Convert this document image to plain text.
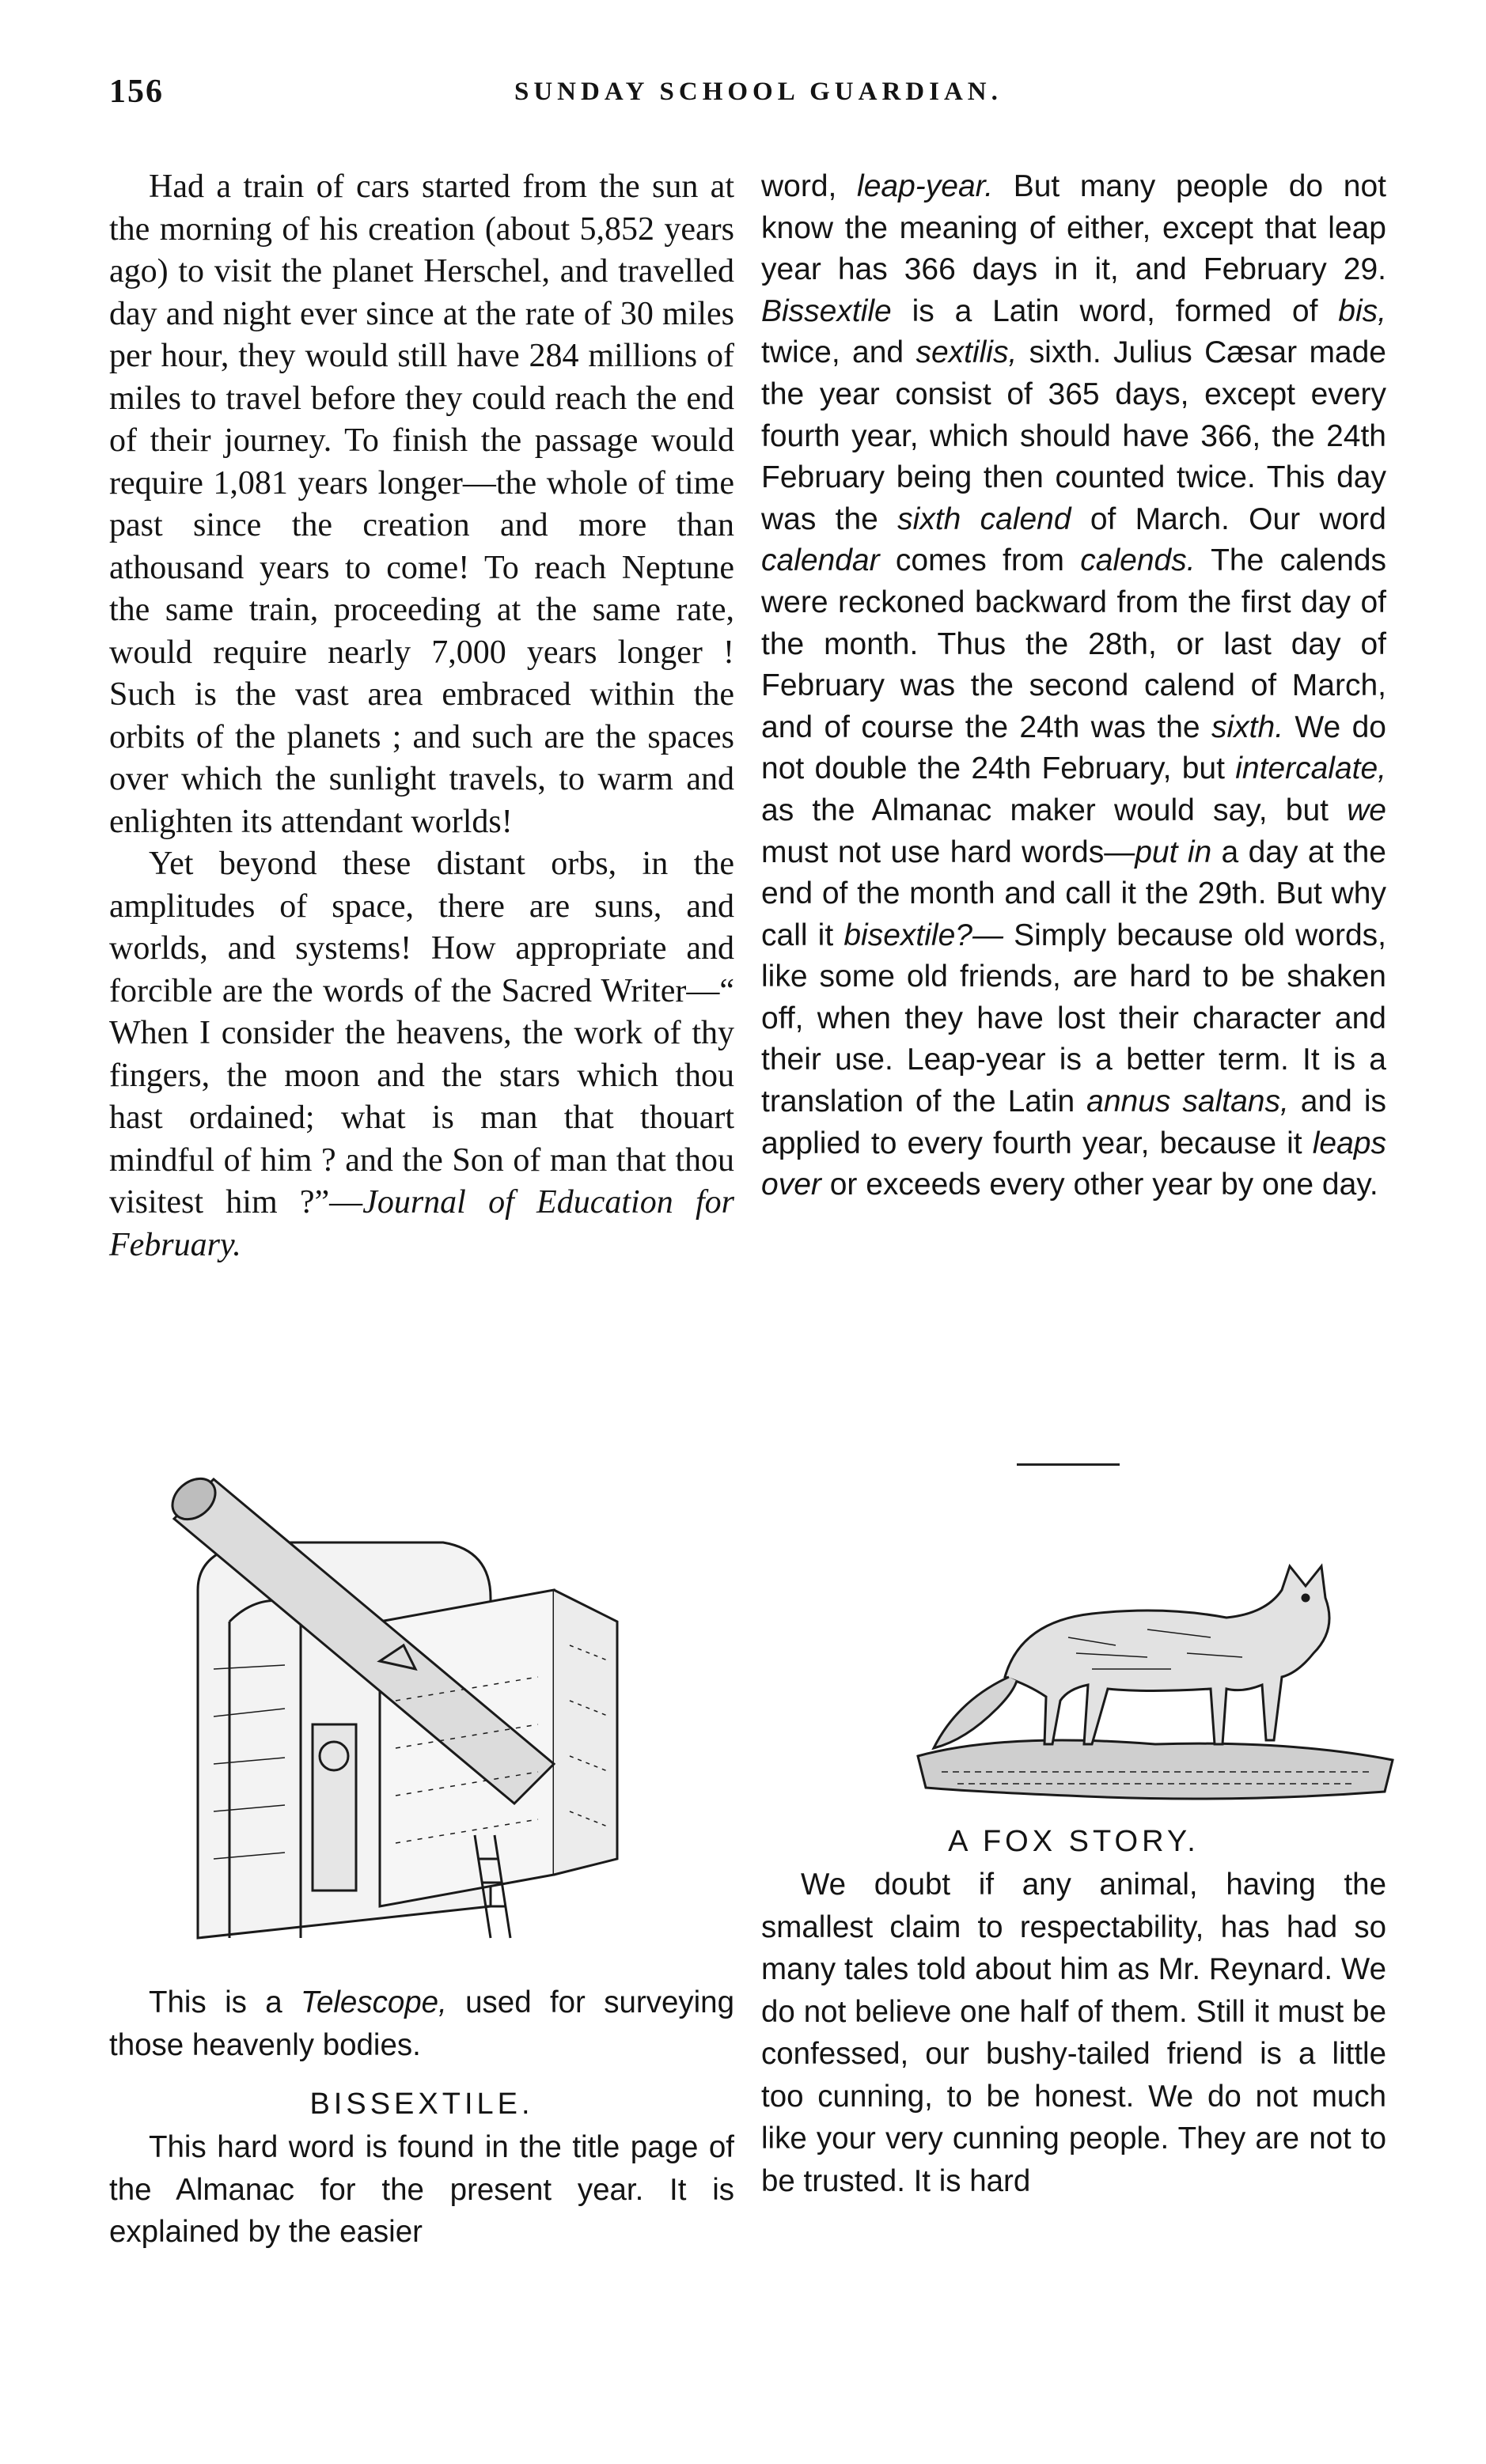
156	SUNDAY SCHOOL GUARDIAN.

Had a train of cars started from the sun at the morning of his creation (about 5,852 years ago) to visit the planet Herschel, and travelled day and night ever since at the rate of 30 miles per hour, they would still have 284 millions of miles to travel before they could reach the end of their journey. To finish the passage would require 1,081 years longer—the whole of time past since the creation and more than athousand years to come! To reach Neptune the same train, proceeding at the same rate, would require nearly 7,000 years longer ! Such is the vast area embraced within the orbits of the planets ; and such are the spaces over which the sunlight travels, to warm and enlighten its attendant worlds!

Yet beyond these distant orbs, in the amplitudes of space, there are suns, and worlds, and systems! How appropriate and forcible are the words of the Sacred Writer—“ When I consider the heavens, the work of thy fingers, the moon and the stars which thou hast ordained; what is man that thouart mindful of him ? and the Son of man that thou visitest him ?”—Journal of Education for February.

word, leap-year. But many people do not know the meaning of either, except that leap year has 366 days in it, and February 29. Bissextile is a Latin word, formed of bis, twice, and sextilis, sixth. Julius Cæsar made the year consist of 365 days, except every fourth year, which should have 366, the 24th February being then counted twice. This day was the sixth calend of March. Our word calendar comes from calends. The calends were reckoned backward from the first day of the month. Thus the 28th, or last day of February was the second calend of March, and of course the 24th was the sixth. We do not double the 24th February, but intercalate, as the Almanac maker would say, but we must not use hard words—put in a day at the end of the month and call it the 29th. But why call it bisextile?— Simply because old words, like some old friends, are hard to be shaken off, when they have lost their character and their use. Leap-year is a better term. It is a translation of the Latin annus saltans, and is applied to every fourth year, because it leaps over or exceeds every other year by one day.

This is a Telescope, used for surveying those heavenly bodies.

BISSEXTILE.

This hard word is found in the title page of the Almanac for the present year. It is explained by the easier

A FOX STORY.

We doubt if any animal, having the smallest claim to respectability, has had so many tales told about him as Mr. Reynard. We do not believe one half of them. Still it must be confessed, our bushy-tailed friend is a little too cunning, to be honest. We do not much like your very cunning people. They are not to be trusted. It is hard
